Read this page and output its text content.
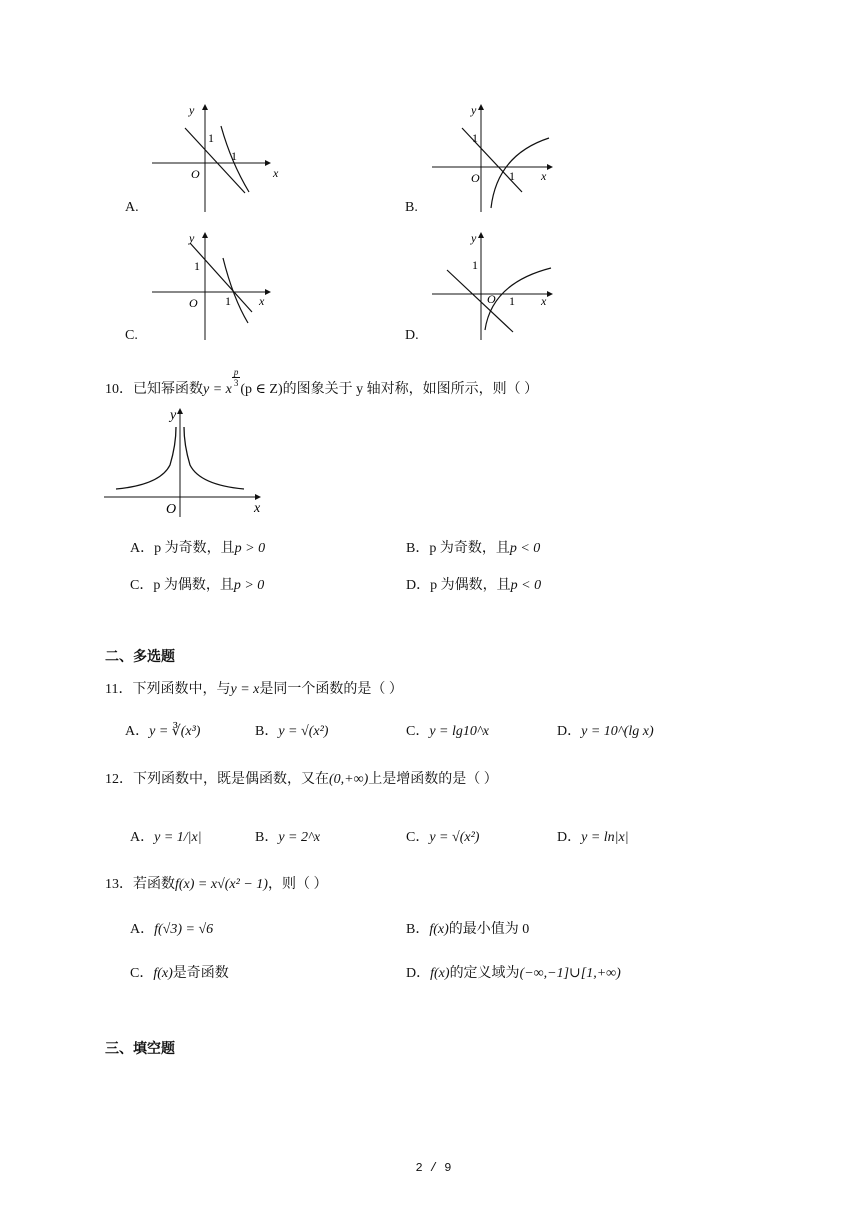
A.
y
x
O
1
1
B.
y
x
O
1
1
C.
y
x
O
1
1
D.
y
x
O
1
1
10．已知幂函数y = x
$\frac{p}{3}$
(p ∈ Z)的图象关于 y 轴对称，如图所示，则（ ）
y
x
O
A．p 为奇数，且p > 0	B．p 为奇数，且p < 0
C．p 为偶数，且p > 0	D．p 为偶数，且p < 0
二、多选题
11．下列函数中，与y = x是同一个函数的是（ ）
A．y = ∛(x³)	B．y = √(x²)	C．y = lg10^x	D．y = 10^(lg x)
12．下列函数中，既是偶函数，又在(0,+∞)上是增函数的是（ ）
A．y = 1/|x|	B．y = 2^x	C．y = √(x²)	D．y = ln|x|
13．若函数f(x) = x√(x² − 1)，则（ ）
A．f(√3) = √6	B．f(x)的最小值为 0
C．f(x)是奇函数	D．f(x)的定义域为(−∞,−1]∪[1,+∞)
三、填空题
2 / 9
